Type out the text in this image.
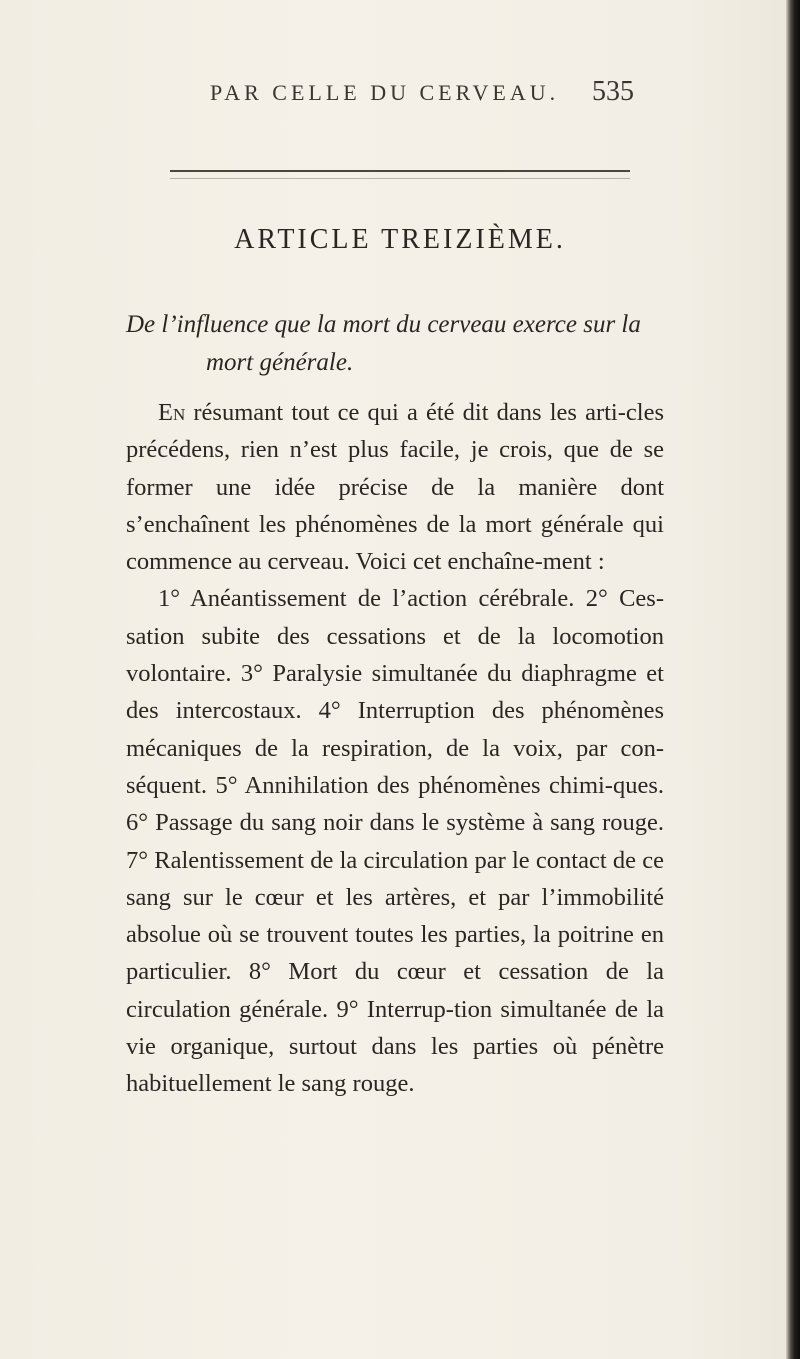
PAR CELLE DU CERVEAU. 535
ARTICLE TREIZIÈME.
De l’influence que la mort du cerveau exerce sur la
mort générale.

En résumant tout ce qui a été dit dans les arti-cles précédens, rien n’est plus facile, je crois, que de se former une idée précise de la manière dont s’enchaînent les phénomènes de la mort générale qui commence au cerveau. Voici cet enchaîne-ment :

1° Anéantissement de l’action cérébrale. 2° Ces-sation subite des cessations et de la locomotion volontaire. 3° Paralysie simultanée du diaphragme et des intercostaux. 4° Interruption des phénomènes mécaniques de la respiration, de la voix, par con-séquent. 5° Annihilation des phénomènes chimi-ques. 6° Passage du sang noir dans le système à sang rouge. 7° Ralentissement de la circulation par le contact de ce sang sur le cœur et les artères, et par l’immobilité absolue où se trouvent toutes les parties, la poitrine en particulier. 8° Mort du cœur et cessation de la circulation générale. 9° Interrup-tion simultanée de la vie organique, surtout dans les parties où pénètre habituellement le sang rouge.
